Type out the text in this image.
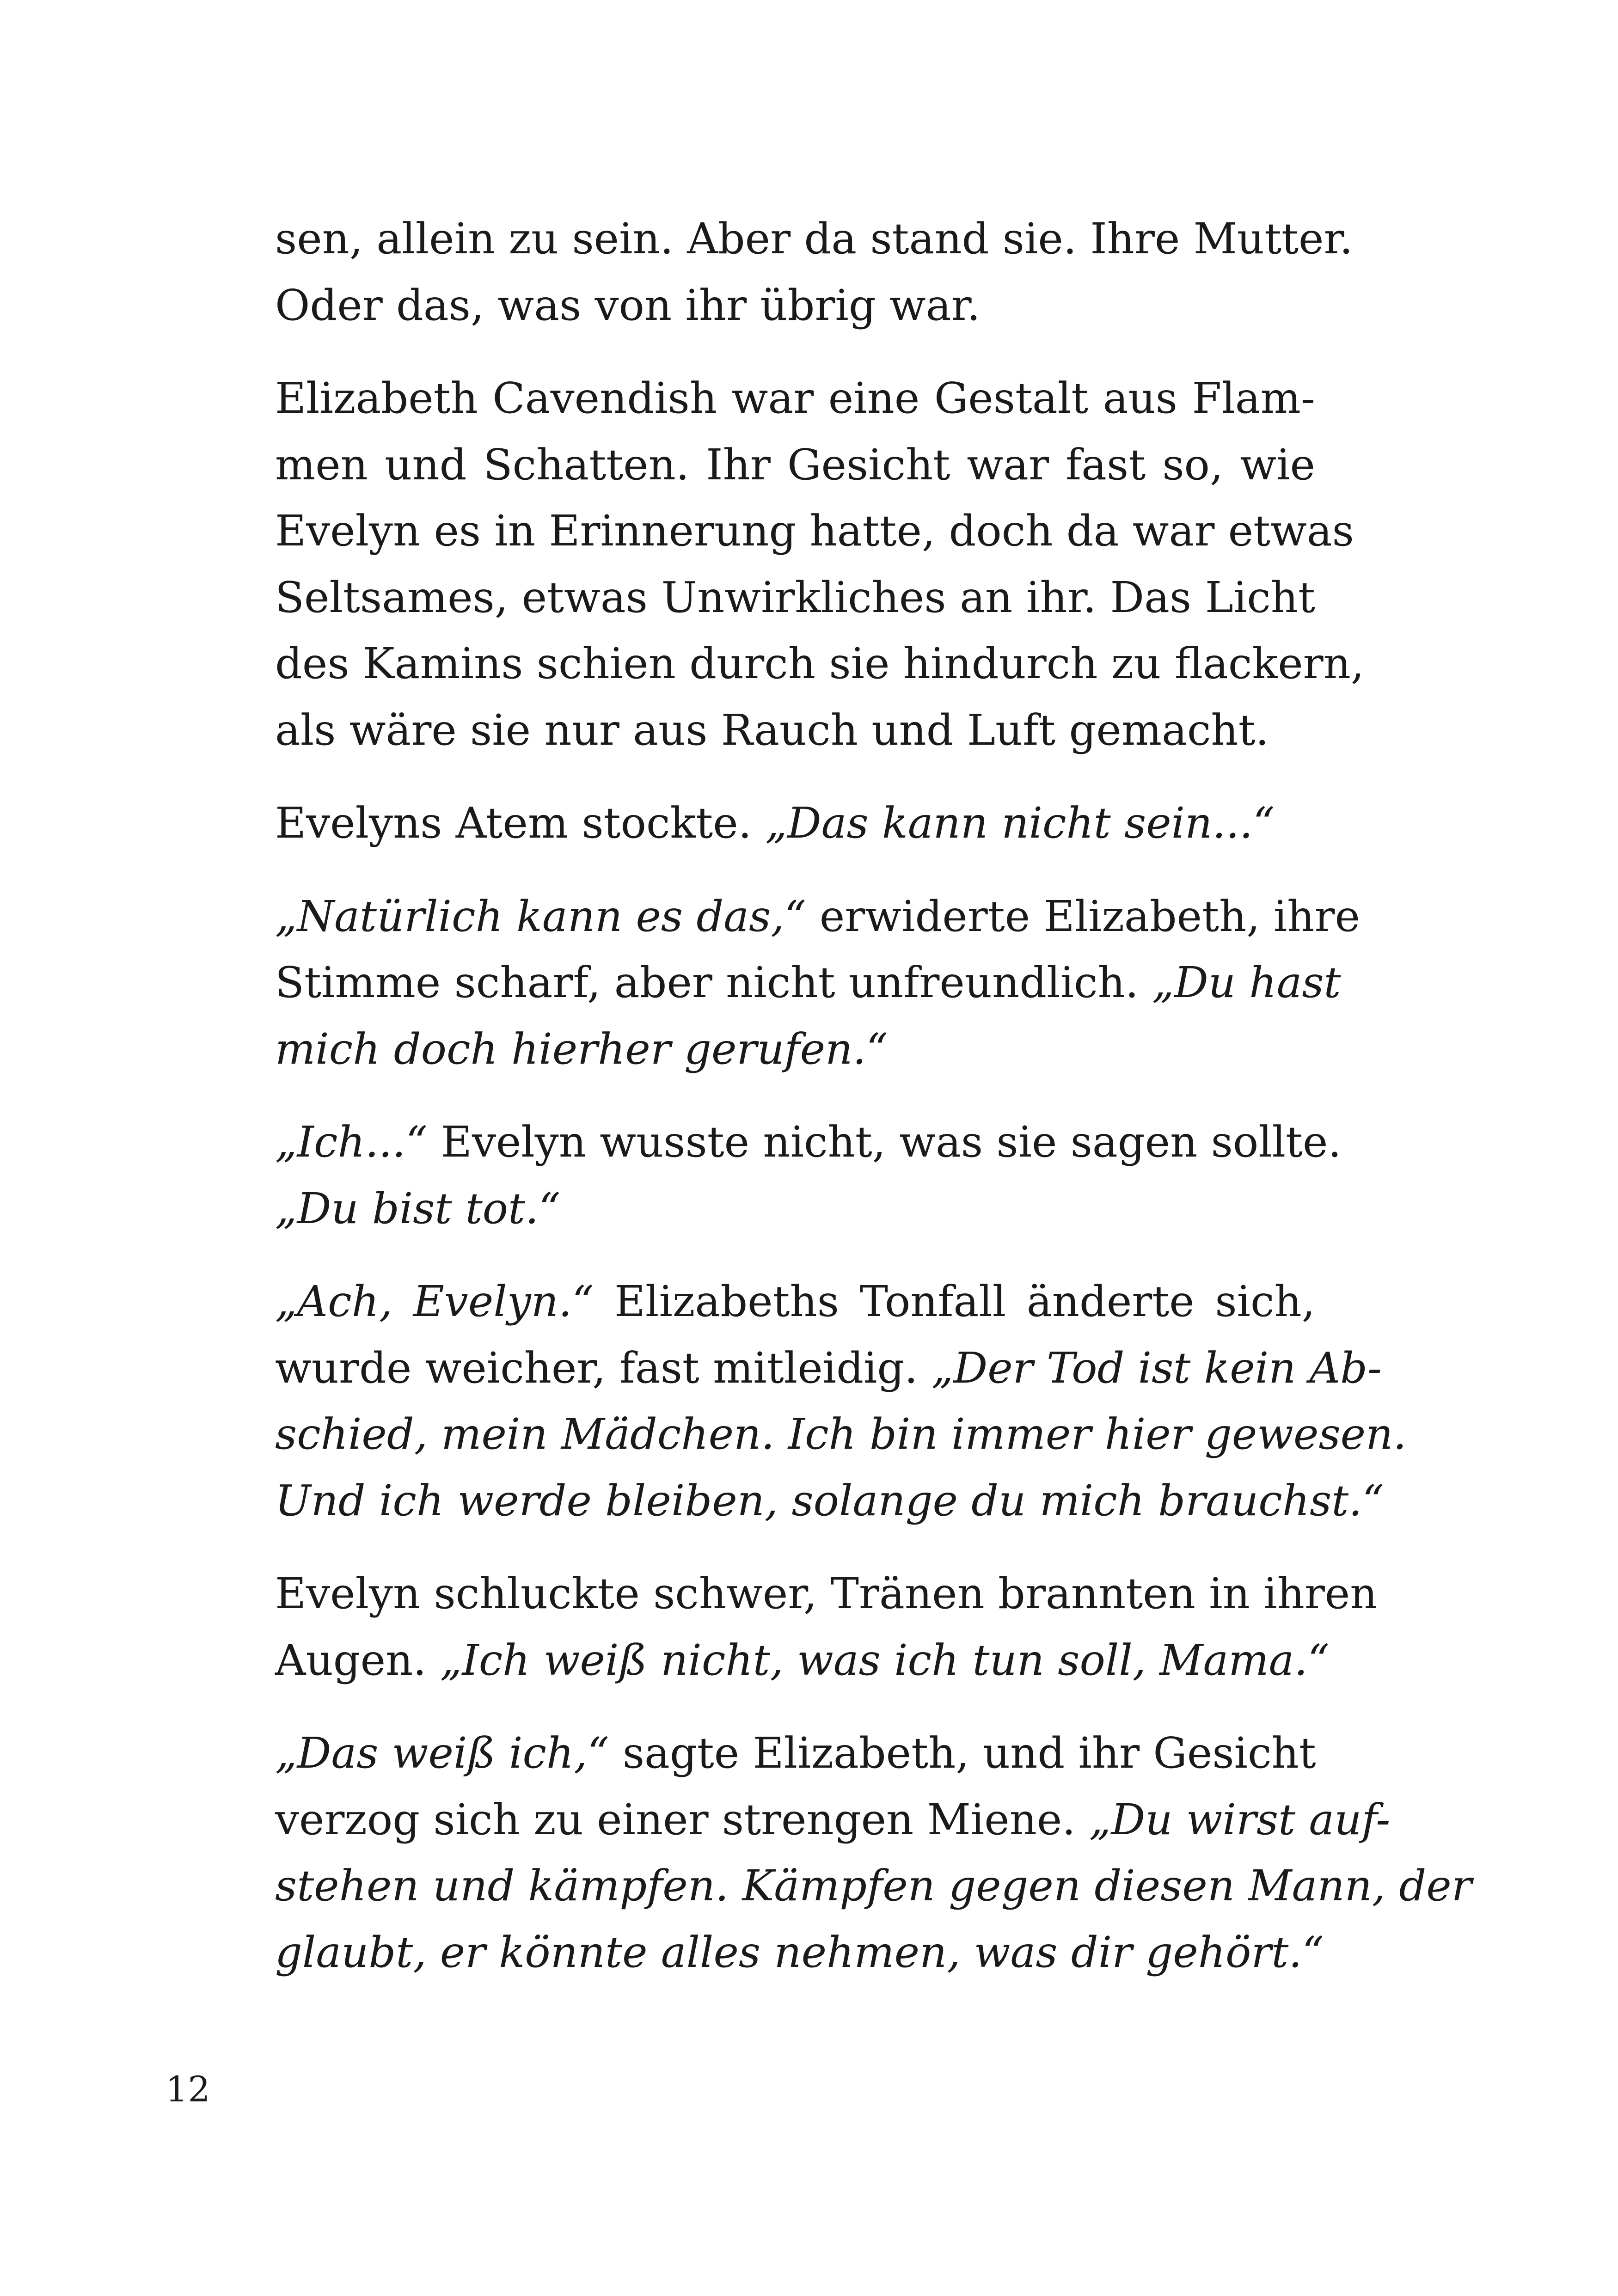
sen, allein zu sein. Aber da stand sie. Ihre Mutter.
Oder das, was von ihr übrig war.

Elizabeth Cavendish war eine Gestalt aus Flam-
men und Schatten. Ihr Gesicht war fast so, wie
Evelyn es in Erinnerung hatte, doch da war etwas
Seltsames, etwas Unwirkliches an ihr. Das Licht
des Kamins schien durch sie hindurch zu flackern,
als wäre sie nur aus Rauch und Luft gemacht.

Evelyns Atem stockte. „Das kann nicht sein...“

„Natürlich kann es das,“ erwiderte Elizabeth, ihre
Stimme scharf, aber nicht unfreundlich. „Du hast
mich doch hierher gerufen.“

„Ich...“ Evelyn wusste nicht, was sie sagen sollte.
„Du bist tot.“

„Ach, Evelyn.“ Elizabeths Tonfall änderte sich,
wurde weicher, fast mitleidig. „Der Tod ist kein Ab-
schied, mein Mädchen. Ich bin immer hier gewesen.
Und ich werde bleiben, solange du mich brauchst.“

Evelyn schluckte schwer, Tränen brannten in ihren
Augen. „Ich weiß nicht, was ich tun soll, Mama.“

„Das weiß ich,“ sagte Elizabeth, und ihr Gesicht
verzog sich zu einer strengen Miene. „Du wirst auf-
stehen und kämpfen. Kämpfen gegen diesen Mann, der
glaubt, er könnte alles nehmen, was dir gehört.“

12
